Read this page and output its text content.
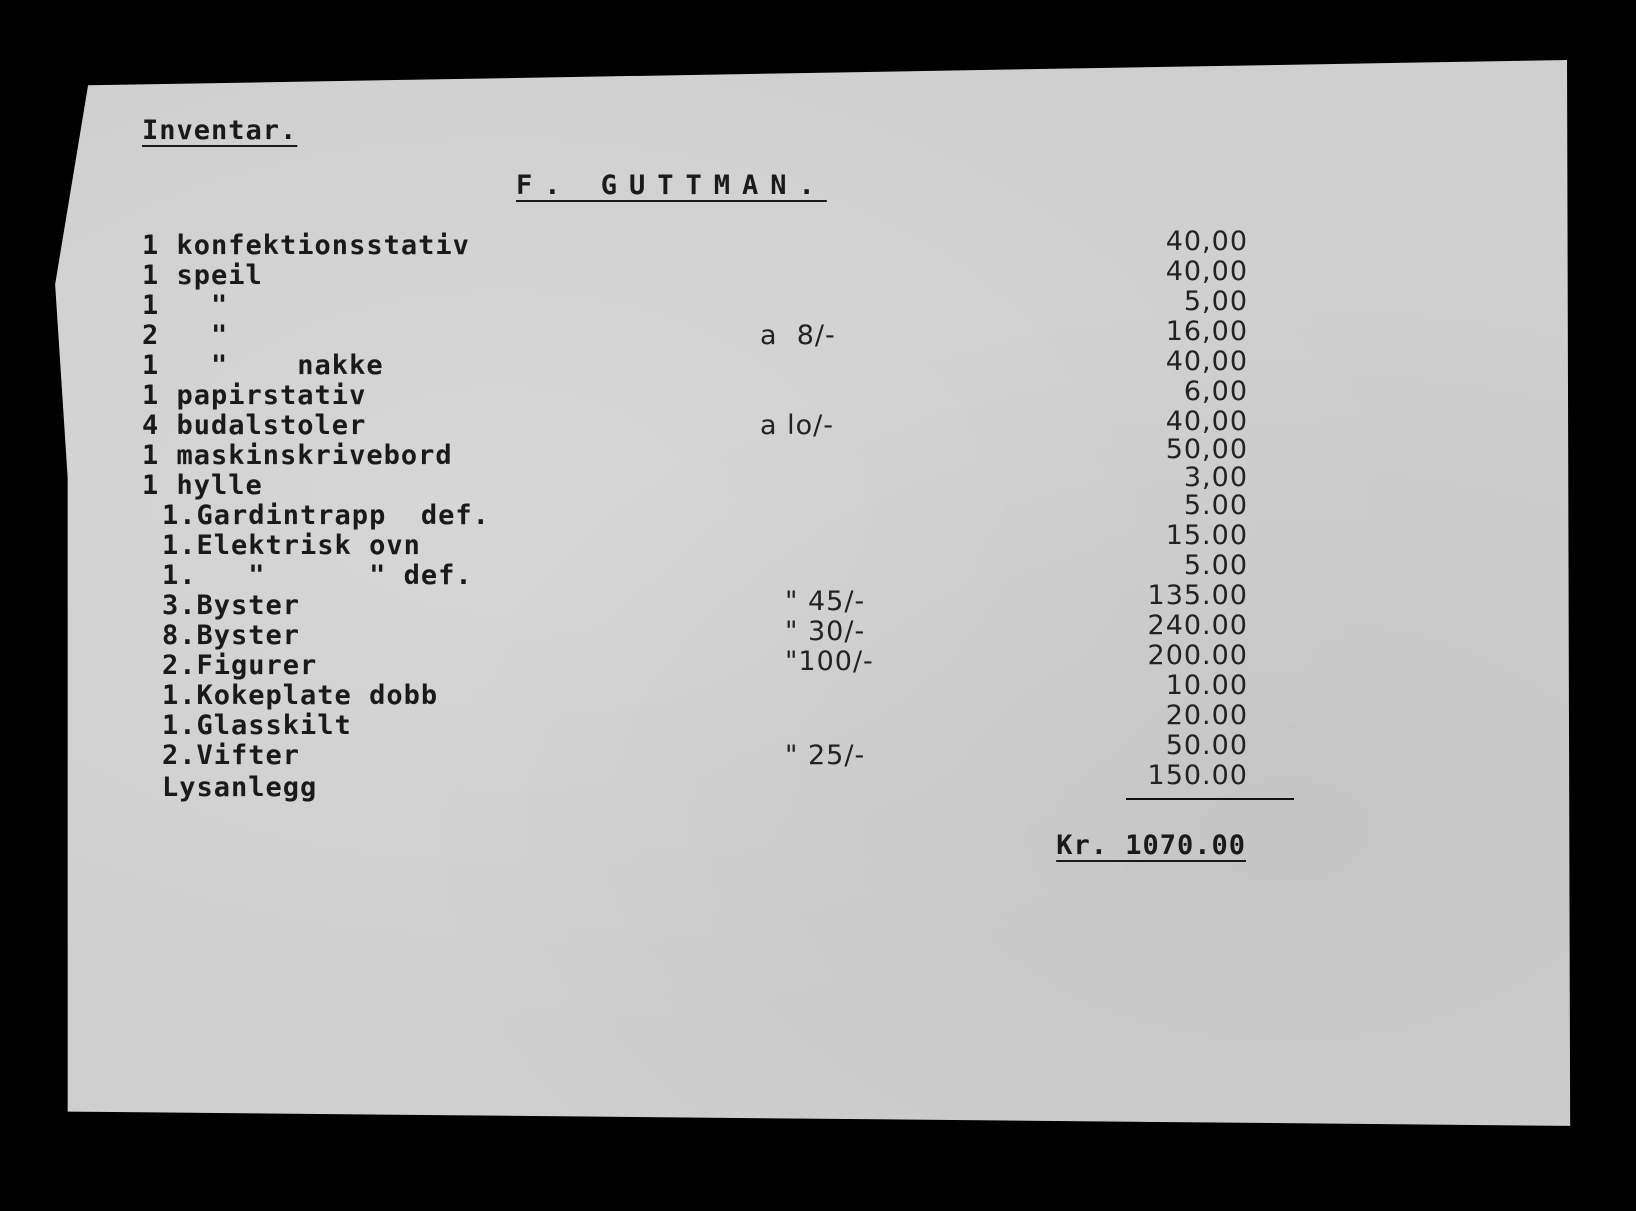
Inventar.
F. GUTTMAN.
1 konfektionsstativ	40,00
1 speil	40,00
1   "	5,00
2   "	a  8/-	16,00
1   "    nakke	40,00
1 papirstativ	6,00
4 budalstoler	a lo/-	40,00
1 maskinskrivebord	50,00
1 hylle	3,00
1.Gardintrapp  def.	5.00
1.Elektrisk ovn	15.00
1.   "      " def.	5.00
3.Byster	" 45/-	135.00
8.Byster	" 30/-	240.00
2.Figurer	"100/-	200.00
1.Kokeplate dobb	10.00
1.Glasskilt	20.00
2.Vifter	" 25/-	50.00
Lysanlegg	150.00
Kr. 1070.00
